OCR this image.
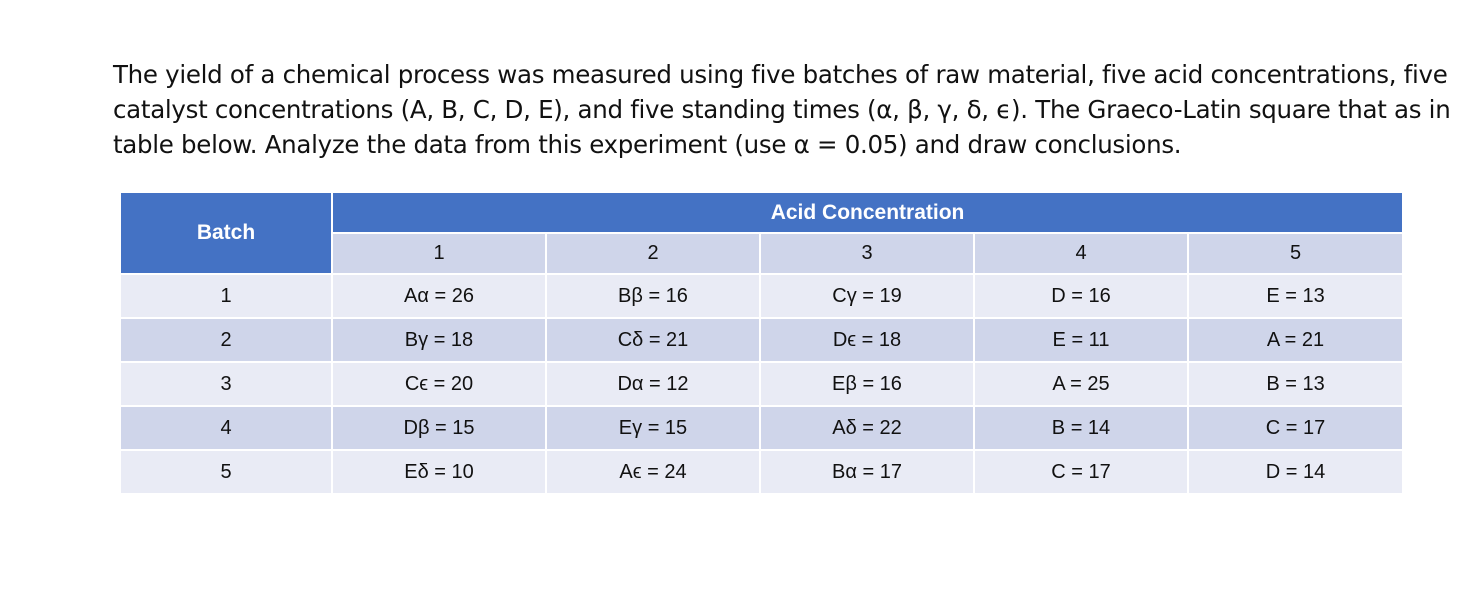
The yield of a chemical process was measured using five batches of raw material, five acid concentrations, five
catalyst concentrations (A, B, C, D, E), and five standing times (α, β, γ, δ, ϵ). The Graeco-Latin square that as in
table below. Analyze the data from this experiment (use α = 0.05) and draw conclusions.
Batch	Acid Concentration				
	1	2	3	4	5
1	Aα = 26	Bβ = 16	Cγ = 19	D = 16	E = 13
2	Bγ = 18	Cδ = 21	Dϵ = 18	E = 11	A = 21
3	Cϵ = 20	Dα = 12	Eβ = 16	A = 25	B = 13
4	Dβ = 15	Eγ = 15	Aδ = 22	B = 14	C = 17
5	Eδ = 10	Aϵ = 24	Bα = 17	C = 17	D = 14
